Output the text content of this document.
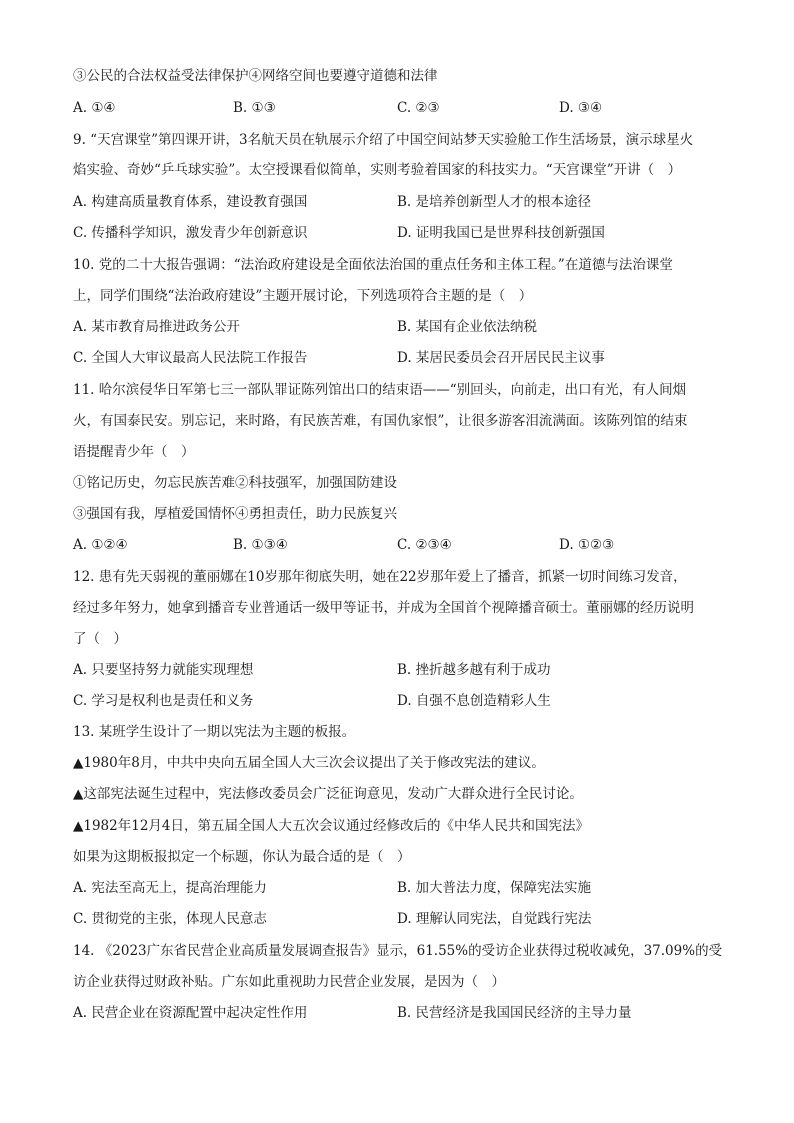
③公民的合法权益受法律保护④网络空间也要遵守道德和法律
A. ①④	B. ①③	C. ②③	D. ③④
9. “天宫课堂”第四课开讲，3名航天员在轨展示介绍了中国空间站梦天实验舱工作生活场景，演示球星火
焰实验、奇妙“乒乓球实验”。太空授课看似简单，实则考验着国家的科技实力。“天宫课堂”开讲（　）
A. 构建高质量教育体系，建设教育强国	B. 是培养创新型人才的根本途径
C. 传播科学知识，激发青少年创新意识	D. 证明我国已是世界科技创新强国
10. 党的二十大报告强调：“法治政府建设是全面依法治国的重点任务和主体工程。”在道德与法治课堂
上，同学们围绕“法治政府建设”主题开展讨论，下列选项符合主题的是（　）
A. 某市教育局推进政务公开	B. 某国有企业依法纳税
C. 全国人大审议最高人民法院工作报告	D. 某居民委员会召开居民民主议事
11. 哈尔滨侵华日军第七三一部队罪证陈列馆出口的结束语——“别回头，向前走，出口有光，有人间烟
火，有国泰民安。别忘记，来时路，有民族苦难，有国仇家恨”，让很多游客泪流满面。该陈列馆的结束
语提醒青少年（　）
①铭记历史，勿忘民族苦难②科技强军，加强国防建设
③强国有我，厚植爱国情怀④勇担责任，助力民族复兴
A. ①②④	B. ①③④	C. ②③④	D. ①②③
12. 患有先天弱视的董丽娜在10岁那年彻底失明，她在22岁那年爱上了播音，抓紧一切时间练习发音，
经过多年努力，她拿到播音专业普通话一级甲等证书，并成为全国首个视障播音硕士。董丽娜的经历说明
了（　）
A. 只要坚持努力就能实现理想	B. 挫折越多越有利于成功
C. 学习是权利也是责任和义务	D. 自强不息创造精彩人生
13. 某班学生设计了一期以宪法为主题的板报。
▲1980年8月，中共中央向五届全国人大三次会议提出了关于修改宪法的建议。
▲这部宪法诞生过程中，宪法修改委员会广泛征询意见，发动广大群众进行全民讨论。
▲1982年12月4日，第五届全国人大五次会议通过经修改后的《中华人民共和国宪法》
如果为这期板报拟定一个标题，你认为最合适的是（　）
A. 宪法至高无上，提高治理能力	B. 加大普法力度，保障宪法实施
C. 贯彻党的主张，体现人民意志	D. 理解认同宪法，自觉践行宪法
14. 《2023广东省民营企业高质量发展调查报告》显示，61.55%的受访企业获得过税收减免，37.09%的受
访企业获得过财政补贴。广东如此重视助力民营企业发展，是因为（　）
A. 民营企业在资源配置中起决定性作用	B. 民营经济是我国国民经济的主导力量
